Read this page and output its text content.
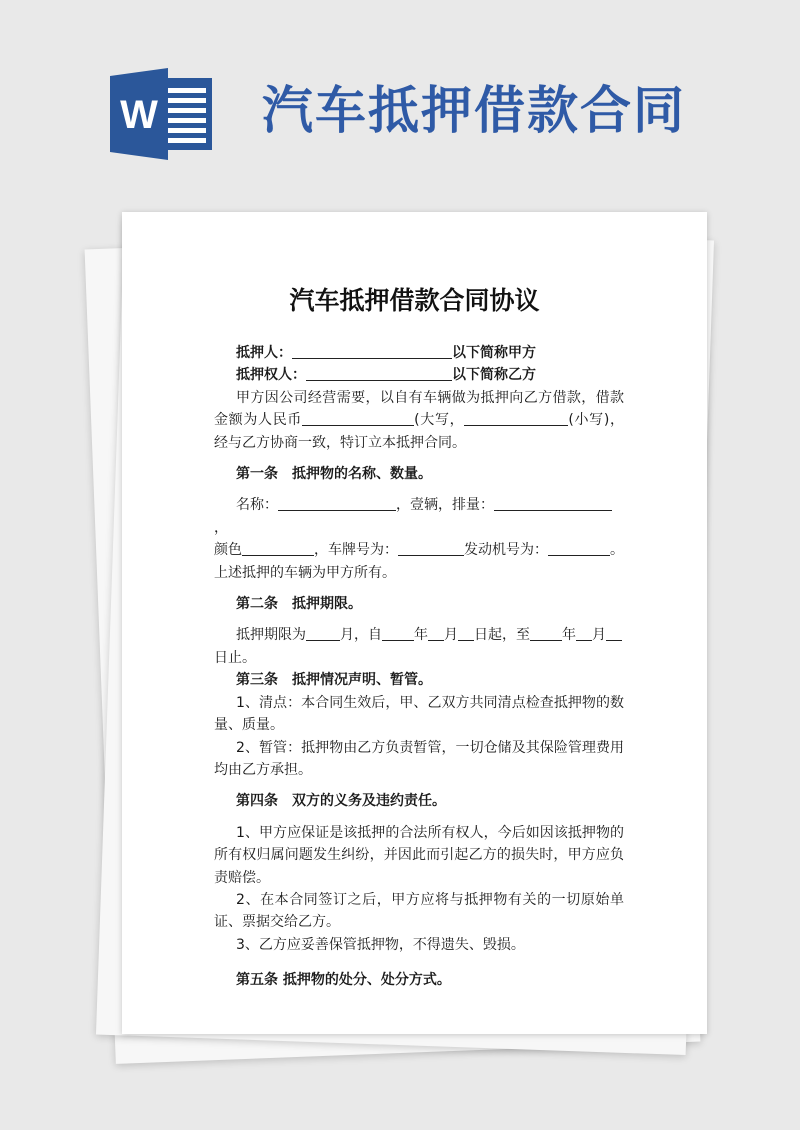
W 汽车抵押借款合同
汽车抵押借款合同协议

抵押人：	以下简称甲方

抵押权人：	以下简称乙方

甲方因公司经营需要，以自有车辆做为抵押向乙方借款，借款金额为人民币	(大写，	(小写)，经与乙方协商一致，特订立本抵押合同。

第一条　抵押物的名称、数量。

名称：	，壹辆，排量：，

颜色	，车牌号为：	发动机号为：	。

上述抵押的车辆为甲方所有。

第二条　抵押期限。

抵押期限为 月，自 年 月 日起，至 年 月日止。

第三条　抵押情况声明、暂管。

1、清点：本合同生效后，甲、乙双方共同清点检查抵押物的数量、质量。

2、暂管：抵押物由乙方负责暂管，一切仓储及其保险管理费用均由乙方承担。

第四条　双方的义务及违约责任。

1、甲方应保证是该抵押的合法所有权人，今后如因该抵押物的所有权归属问题发生纠纷，并因此而引起乙方的损失时，甲方应负责赔偿。

2、在本合同签订之后，甲方应将与抵押物有关的一切原始单证、票据交给乙方。

3、乙方应妥善保管抵押物，不得遗失、毁损。

第五条 抵押物的处分、处分方式。
